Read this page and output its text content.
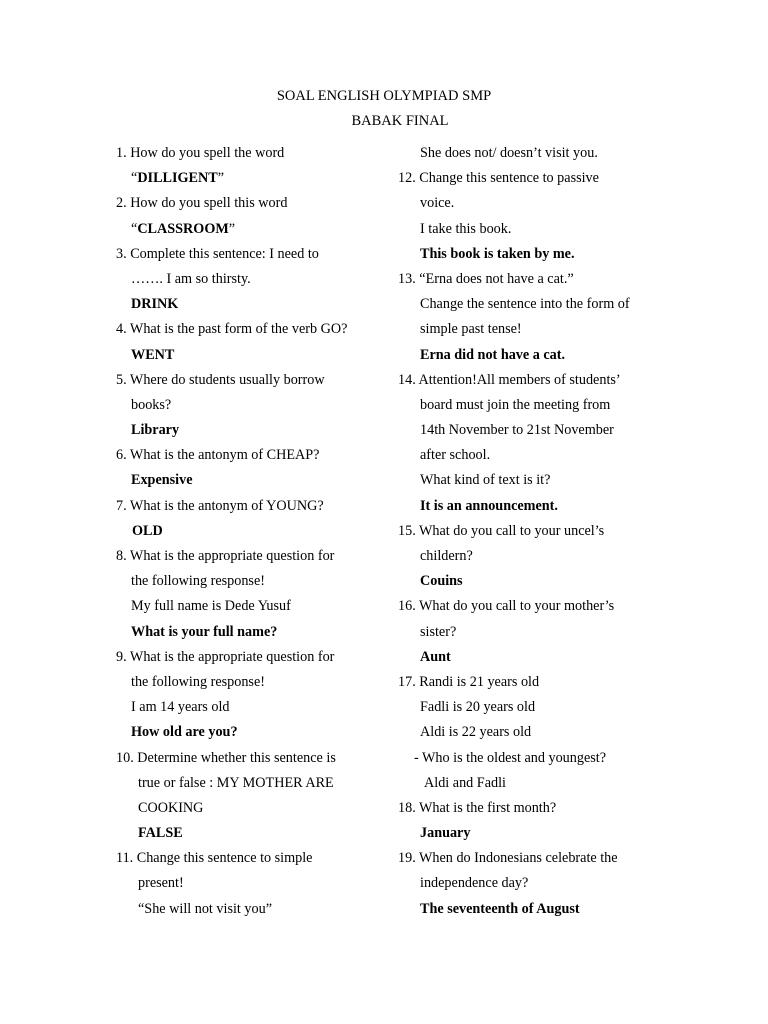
SOAL ENGLISH OLYMPIAD SMP
BABAK FINAL
1. How do you spell the word
“DILLIGENT”
2. How do you spell this word
“CLASSROOM”
3. Complete this sentence: I need to
……. I am so thirsty.
DRINK
4. What is the past form of the verb GO?
WENT
5. Where do students usually borrow
books?
Library
6. What is the antonym of CHEAP?
Expensive
7. What is the antonym of YOUNG?
OLD
8. What is the appropriate question for
the following response!
My full name is Dede Yusuf
What is your full name?
9. What is the appropriate question for
the following response!
I am 14 years old
How old are you?
10. Determine whether this sentence is
true or false : MY MOTHER ARE
COOKING
FALSE
11. Change this sentence to simple
present!
“She will not visit you”
She does not/ doesn’t visit you.
12. Change this sentence to passive
voice.
I take this book.
This book is taken by me.
13. “Erna does not have a cat.”
Change the sentence into the form of
simple past tense!
Erna did not have a cat.
14. Attention!All members of students’
board must join the meeting from
14th November to 21st November
after school.
What kind of text is it?
It is an announcement.
15. What do you call to your uncel’s
childern?
Couins
16. What do you call to your mother’s
sister?
Aunt
17. Randi is 21 years old
Fadli is 20 years old
Aldi is 22 years old
- Who is the oldest and youngest?
Aldi and Fadli
18. What is the first month?
January
19. When do Indonesians celebrate the
independence day?
The seventeenth of August
